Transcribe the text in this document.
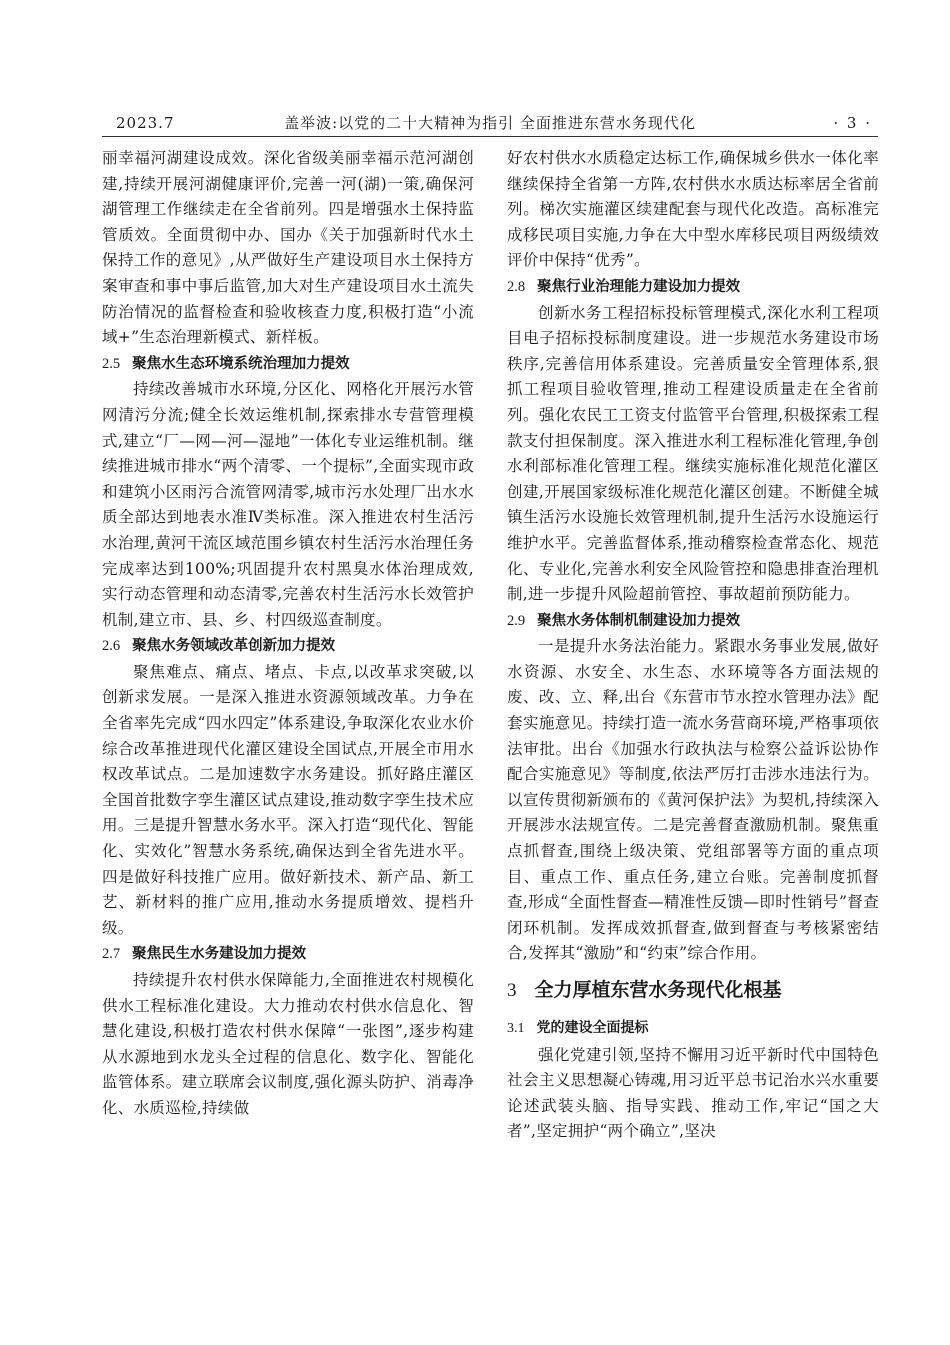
2023.7	盖举波:以党的二十大精神为指引 全面推进东营水务现代化	· 3 ·

丽幸福河湖建设成效。深化省级美丽幸福示范河湖创建,持续开展河湖健康评价,完善一河(湖)一策,确保河湖管理工作继续走在全省前列。四是增强水土保持监管质效。全面贯彻中办、国办《关于加强新时代水土保持工作的意见》,从严做好生产建设项目水土保持方案审查和事中事后监管,加大对生产建设项目水土流失防治情况的监督检查和验收核查力度,积极打造“小流域+”生态治理新模式、新样板。

2.5 聚焦水生态环境系统治理加力提效

持续改善城市水环境,分区化、网格化开展污水管网清污分流;健全长效运维机制,探索排水专营管理模式,建立“厂—网—河—湿地”一体化专业运维机制。继续推进城市排水“两个清零、一个提标”,全面实现市政和建筑小区雨污合流管网清零,城市污水处理厂出水水质全部达到地表水准Ⅳ类标准。深入推进农村生活污水治理,黄河干流区域范围乡镇农村生活污水治理任务完成率达到100%;巩固提升农村黑臭水体治理成效,实行动态管理和动态清零,完善农村生活污水长效管护机制,建立市、县、乡、村四级巡查制度。

2.6 聚焦水务领域改革创新加力提效

聚焦难点、痛点、堵点、卡点,以改革求突破,以创新求发展。一是深入推进水资源领域改革。力争在全省率先完成“四水四定”体系建设,争取深化农业水价综合改革推进现代化灌区建设全国试点,开展全市用水权改革试点。二是加速数字水务建设。抓好路庄灌区全国首批数字孪生灌区试点建设,推动数字孪生技术应用。三是提升智慧水务水平。深入打造“现代化、智能化、实效化”智慧水务系统,确保达到全省先进水平。四是做好科技推广应用。做好新技术、新产品、新工艺、新材料的推广应用,推动水务提质增效、提档升级。

2.7 聚焦民生水务建设加力提效

持续提升农村供水保障能力,全面推进农村规模化供水工程标准化建设。大力推动农村供水信息化、智慧化建设,积极打造农村供水保障“一张图”,逐步构建从水源地到水龙头全过程的信息化、数字化、智能化监管体系。建立联席会议制度,强化源头防护、消毒净化、水质巡检,持续做

好农村供水水质稳定达标工作,确保城乡供水一体化率继续保持全省第一方阵,农村供水水质达标率居全省前列。梯次实施灌区续建配套与现代化改造。高标准完成移民项目实施,力争在大中型水库移民项目两级绩效评价中保持“优秀”。

2.8 聚焦行业治理能力建设加力提效

创新水务工程招标投标管理模式,深化水利工程项目电子招标投标制度建设。进一步规范水务建设市场秩序,完善信用体系建设。完善质量安全管理体系,狠抓工程项目验收管理,推动工程建设质量走在全省前列。强化农民工工资支付监管平台管理,积极探索工程款支付担保制度。深入推进水利工程标准化管理,争创水利部标准化管理工程。继续实施标准化规范化灌区创建,开展国家级标准化规范化灌区创建。不断健全城镇生活污水设施长效管理机制,提升生活污水设施运行维护水平。完善监督体系,推动稽察检查常态化、规范化、专业化,完善水利安全风险管控和隐患排查治理机制,进一步提升风险超前管控、事故超前预防能力。

2.9 聚焦水务体制机制建设加力提效

一是提升水务法治能力。紧跟水务事业发展,做好水资源、水安全、水生态、水环境等各方面法规的废、改、立、释,出台《东营市节水控水管理办法》配套实施意见。持续打造一流水务营商环境,严格事项依法审批。出台《加强水行政执法与检察公益诉讼协作配合实施意见》等制度,依法严厉打击涉水违法行为。以宣传贯彻新颁布的《黄河保护法》为契机,持续深入开展涉水法规宣传。二是完善督查激励机制。聚焦重点抓督查,围绕上级决策、党组部署等方面的重点项目、重点工作、重点任务,建立台账。完善制度抓督查,形成“全面性督查—精准性反馈—即时性销号”督查闭环机制。发挥成效抓督查,做到督查与考核紧密结合,发挥其“激励”和“约束”综合作用。

3 全力厚植东营水务现代化根基
3.1 党的建设全面提标

强化党建引领,坚持不懈用习近平新时代中国特色社会主义思想凝心铸魂,用习近平总书记治水兴水重要论述武装头脑、指导实践、推动工作,牢记“国之大者”,坚定拥护“两个确立”,坚决
